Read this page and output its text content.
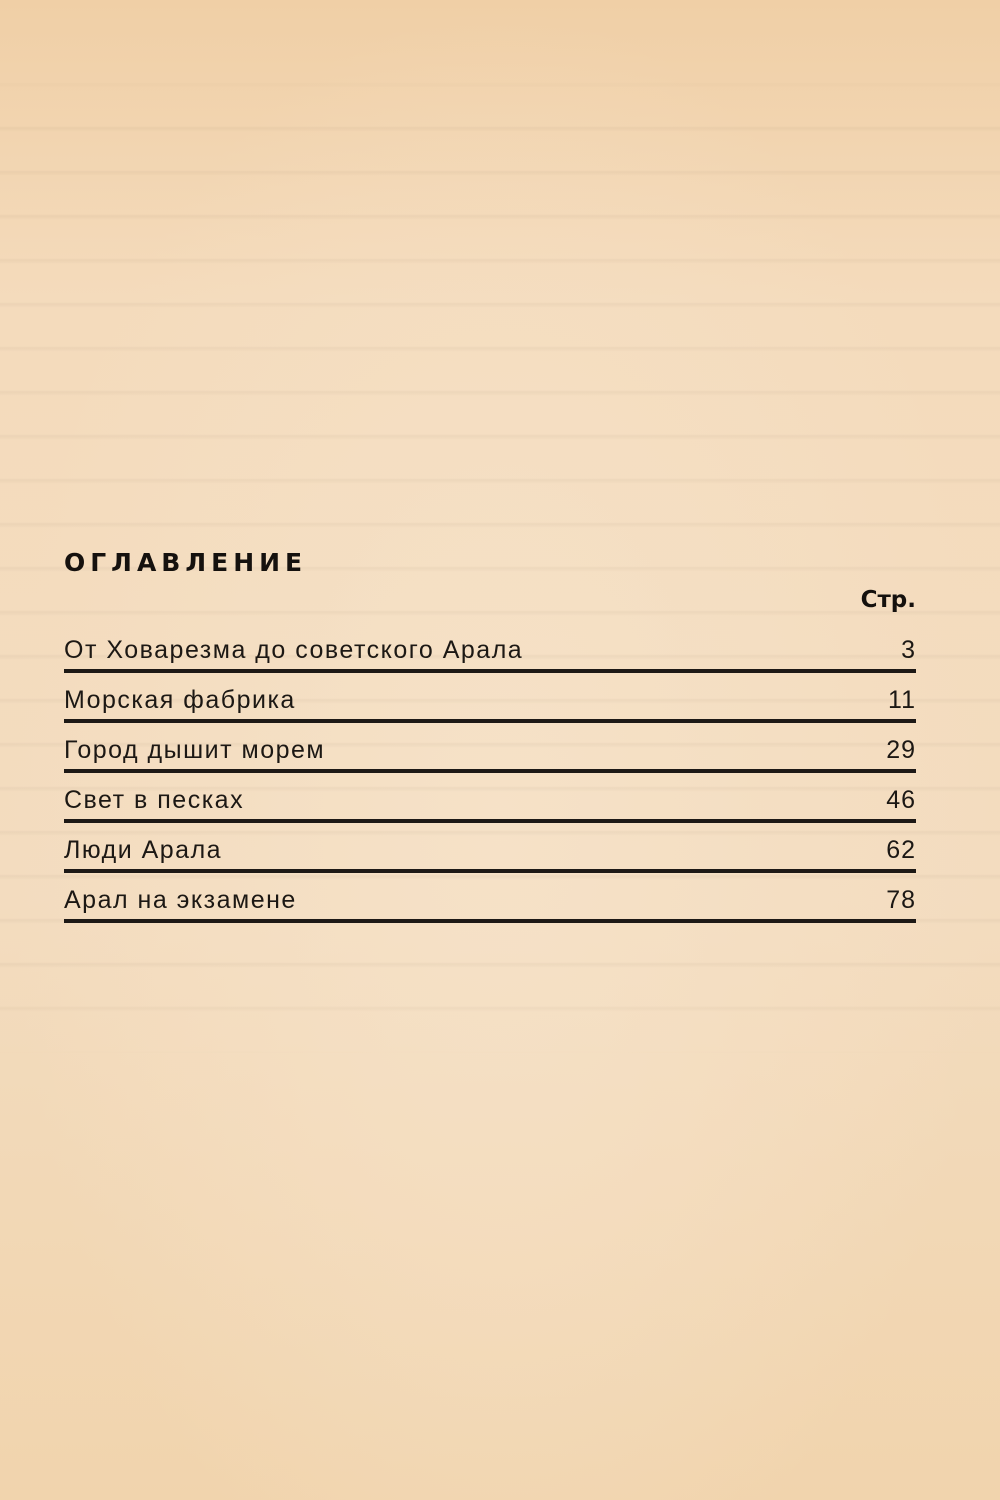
ОГЛАВЛЕНИЕ
Стр.
От Ховарезма до советского Арала	3
Морская фабрика	11
Город дышит морем	29
Свет в песках	46
Люди Арала	62
Арал на экзамене	78
